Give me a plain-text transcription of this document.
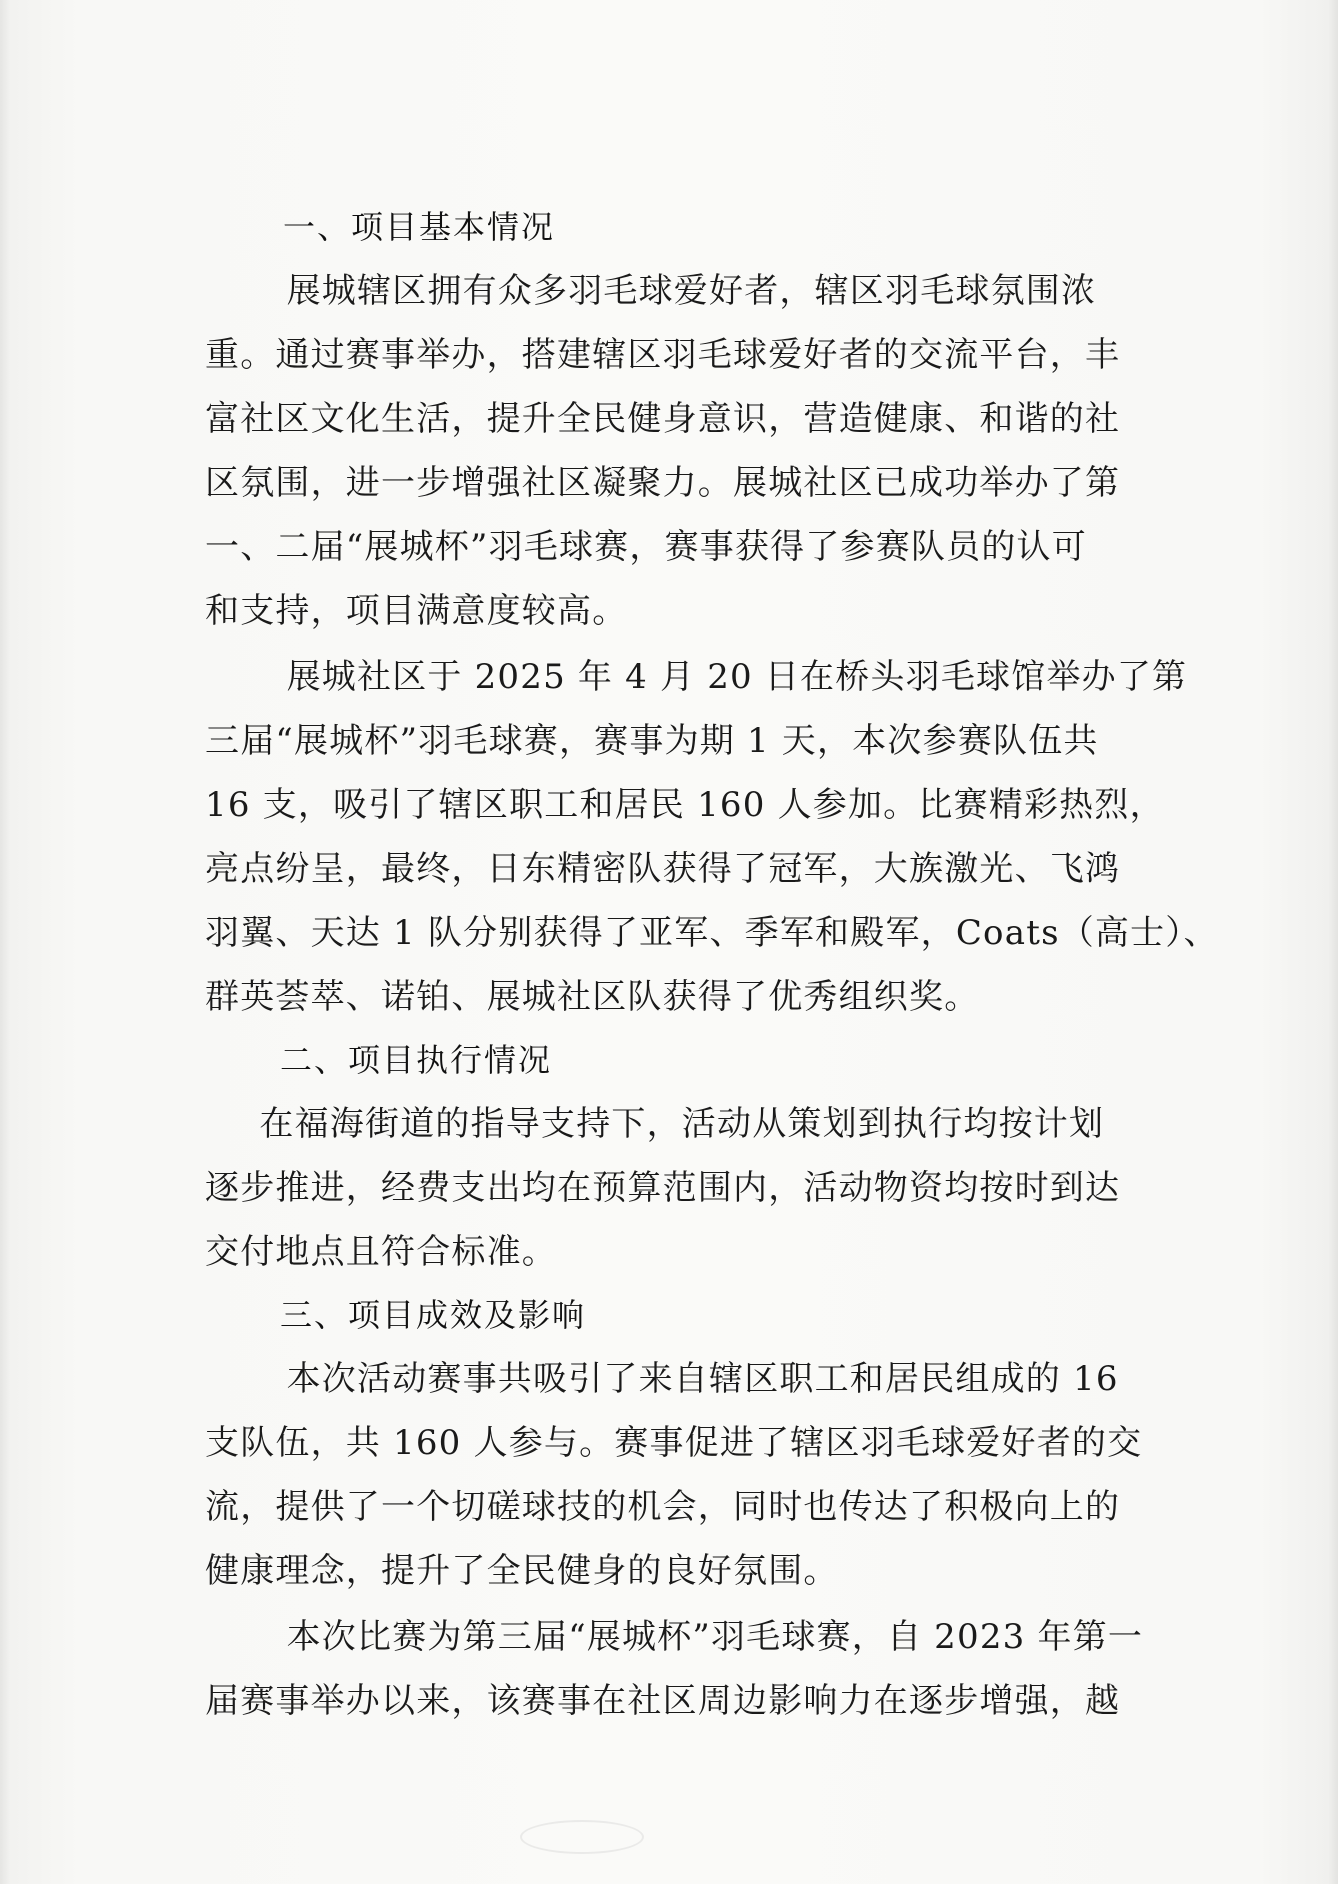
一、项目基本情况

展城辖区拥有众多羽毛球爱好者，辖区羽毛球氛围浓
重。通过赛事举办，搭建辖区羽毛球爱好者的交流平台，丰
富社区文化生活，提升全民健身意识，营造健康、和谐的社
区氛围，进一步增强社区凝聚力。展城社区已成功举办了第
一、二届“展城杯”羽毛球赛，赛事获得了参赛队员的认可
和支持，项目满意度较高。

展城社区于 2025 年 4 月 20 日在桥头羽毛球馆举办了第
三届“展城杯”羽毛球赛，赛事为期 1 天，本次参赛队伍共
16 支，吸引了辖区职工和居民 160 人参加。比赛精彩热烈，
亮点纷呈，最终，日东精密队获得了冠军，大族激光、飞鸿
羽翼、天达 1 队分别获得了亚军、季军和殿军，Coats（高士）、
群英荟萃、诺铂、展城社区队获得了优秀组织奖。

二、项目执行情况

在福海街道的指导支持下，活动从策划到执行均按计划
逐步推进，经费支出均在预算范围内，活动物资均按时到达
交付地点且符合标准。

三、项目成效及影响

本次活动赛事共吸引了来自辖区职工和居民组成的 16
支队伍，共 160 人参与。赛事促进了辖区羽毛球爱好者的交
流，提供了一个切磋球技的机会，同时也传达了积极向上的
健康理念，提升了全民健身的良好氛围。

本次比赛为第三届“展城杯”羽毛球赛，自 2023 年第一
届赛事举办以来，该赛事在社区周边影响力在逐步增强，越
